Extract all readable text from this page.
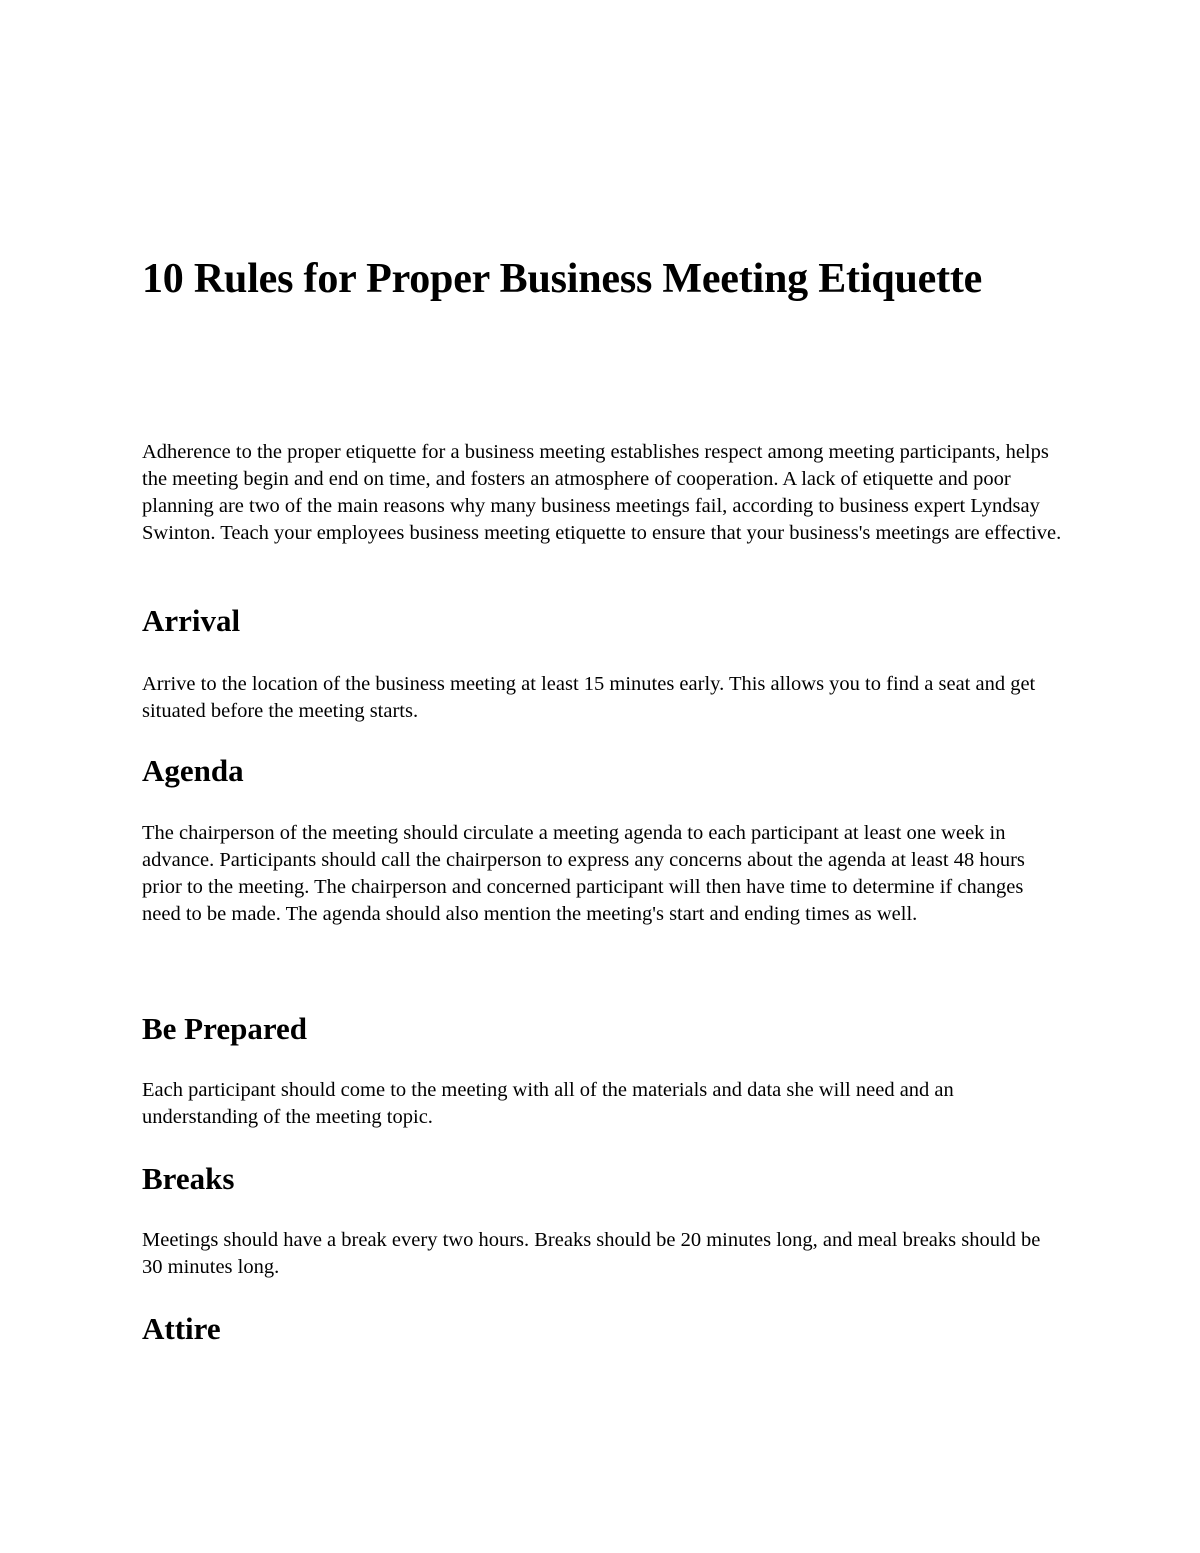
10 Rules for Proper Business Meeting Etiquette

Adherence to the proper etiquette for a business meeting establishes respect among meeting participants, helps the meeting begin and end on time, and fosters an atmosphere of cooperation. A lack of etiquette and poor planning are two of the main reasons why many business meetings fail, according to business expert Lyndsay Swinton. Teach your employees business meeting etiquette to ensure that your business's meetings are effective.

Arrival

Arrive to the location of the business meeting at least 15 minutes early. This allows you to find a seat and get situated before the meeting starts.

Agenda

The chairperson of the meeting should circulate a meeting agenda to each participant at least one week in advance. Participants should call the chairperson to express any concerns about the agenda at least 48 hours prior to the meeting. The chairperson and concerned participant will then have time to determine if changes need to be made. The agenda should also mention the meeting's start and ending times as well.

Be Prepared

Each participant should come to the meeting with all of the materials and data she will need and an understanding of the meeting topic.

Breaks

Meetings should have a break every two hours. Breaks should be 20 minutes long, and meal breaks should be 30 minutes long.

Attire
